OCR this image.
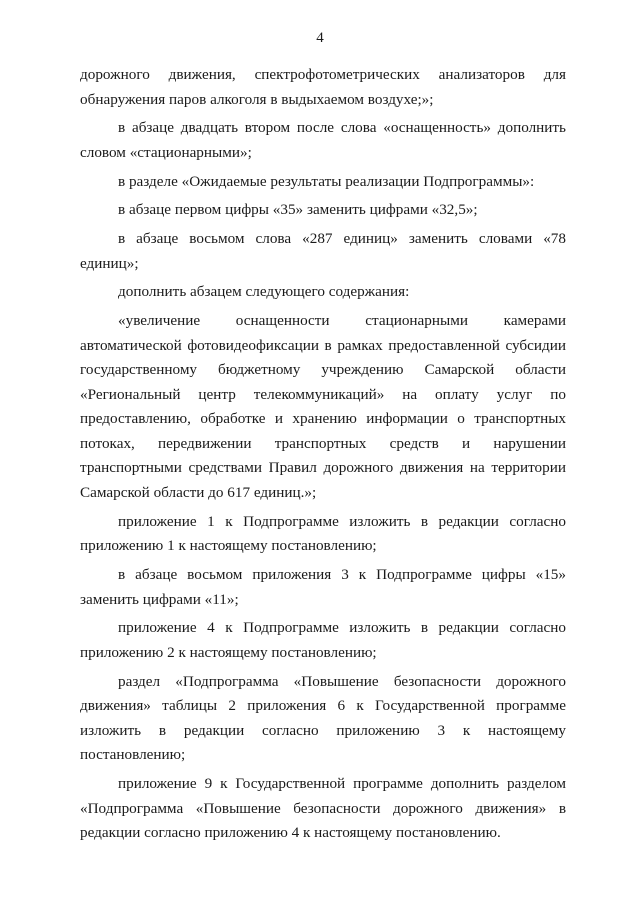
4

дорожного движения, спектрофотометрических анализаторов для обнаружения паров алкоголя в выдыхаемом воздухе;»;

в абзаце двадцать втором после слова «оснащенность» дополнить словом «стационарными»;

в разделе «Ожидаемые результаты реализации Подпрограммы»:

в абзаце первом цифры «35» заменить цифрами «32,5»;

в абзаце восьмом слова «287 единиц» заменить словами «78 единиц»;

дополнить абзацем следующего содержания:

«увеличение оснащенности стационарными камерами автоматической фотовидеофиксации в рамках предоставленной субсидии государственному бюджетному учреждению Самарской области «Региональный центр телекоммуникаций» на оплату услуг по предоставлению, обработке и хранению информации о транспортных потоках, передвижении транспортных средств и нарушении транспортными средствами Правил дорожного движения на территории Самарской области до 617 единиц.»;

приложение 1 к Подпрограмме изложить в редакции согласно приложению 1 к настоящему постановлению;

в абзаце восьмом приложения 3 к Подпрограмме цифры «15» заменить цифрами «11»;

приложение 4 к Подпрограмме изложить в редакции согласно приложению 2 к настоящему постановлению;

раздел «Подпрограмма «Повышение безопасности дорожного движения» таблицы 2 приложения 6 к Государственной программе изложить в редакции согласно приложению 3 к настоящему постановлению;

приложение 9 к Государственной программе дополнить разделом «Подпрограмма «Повышение безопасности дорожного движения» в редакции согласно приложению 4 к настоящему постановлению.
